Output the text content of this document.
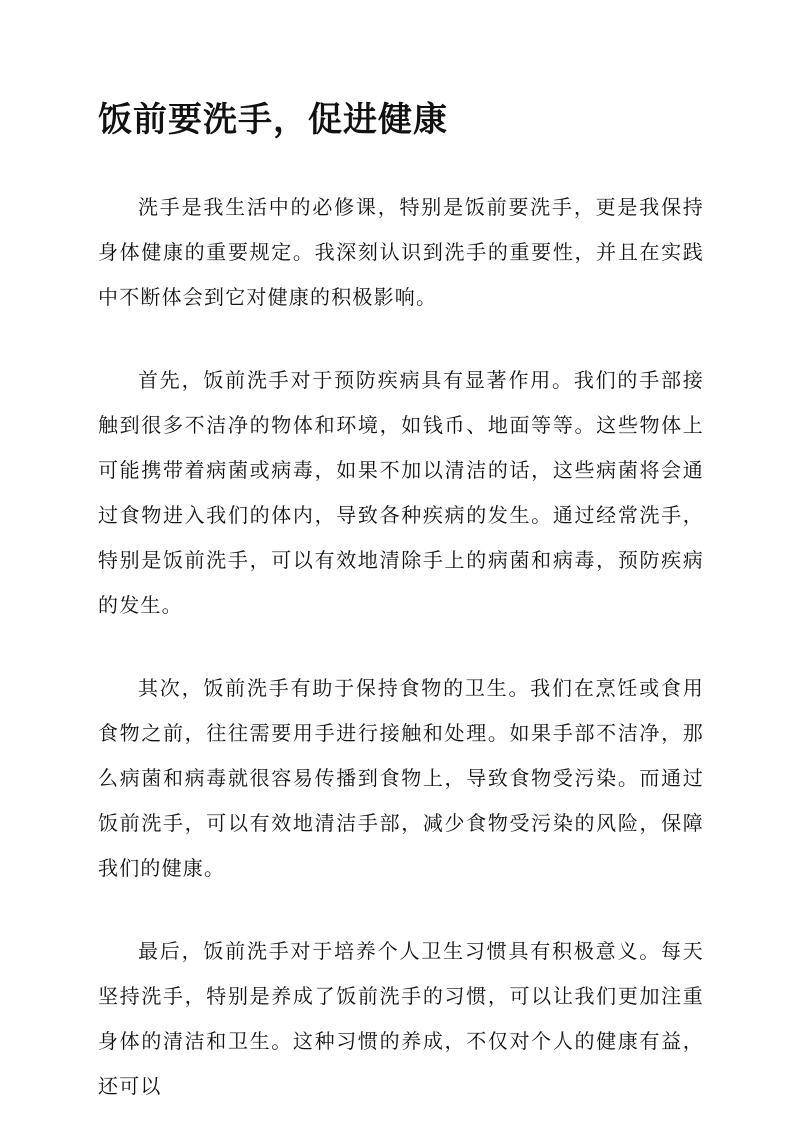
饭前要洗手，促进健康

洗手是我生活中的必修课，特别是饭前要洗手，更是我保持身体健康的重要规定。我深刻认识到洗手的重要性，并且在实践中不断体会到它对健康的积极影响。

首先，饭前洗手对于预防疾病具有显著作用。我们的手部接触到很多不洁净的物体和环境，如钱币、地面等等。这些物体上可能携带着病菌或病毒，如果不加以清洁的话，这些病菌将会通过食物进入我们的体内，导致各种疾病的发生。通过经常洗手，特别是饭前洗手，可以有效地清除手上的病菌和病毒，预防疾病的发生。

其次，饭前洗手有助于保持食物的卫生。我们在烹饪或食用食物之前，往往需要用手进行接触和处理。如果手部不洁净，那么病菌和病毒就很容易传播到食物上，导致食物受污染。而通过饭前洗手，可以有效地清洁手部，减少食物受污染的风险，保障我们的健康。

最后，饭前洗手对于培养个人卫生习惯具有积极意义。每天坚持洗手，特别是养成了饭前洗手的习惯，可以让我们更加注重身体的清洁和卫生。这种习惯的养成，不仅对个人的健康有益，还可以
